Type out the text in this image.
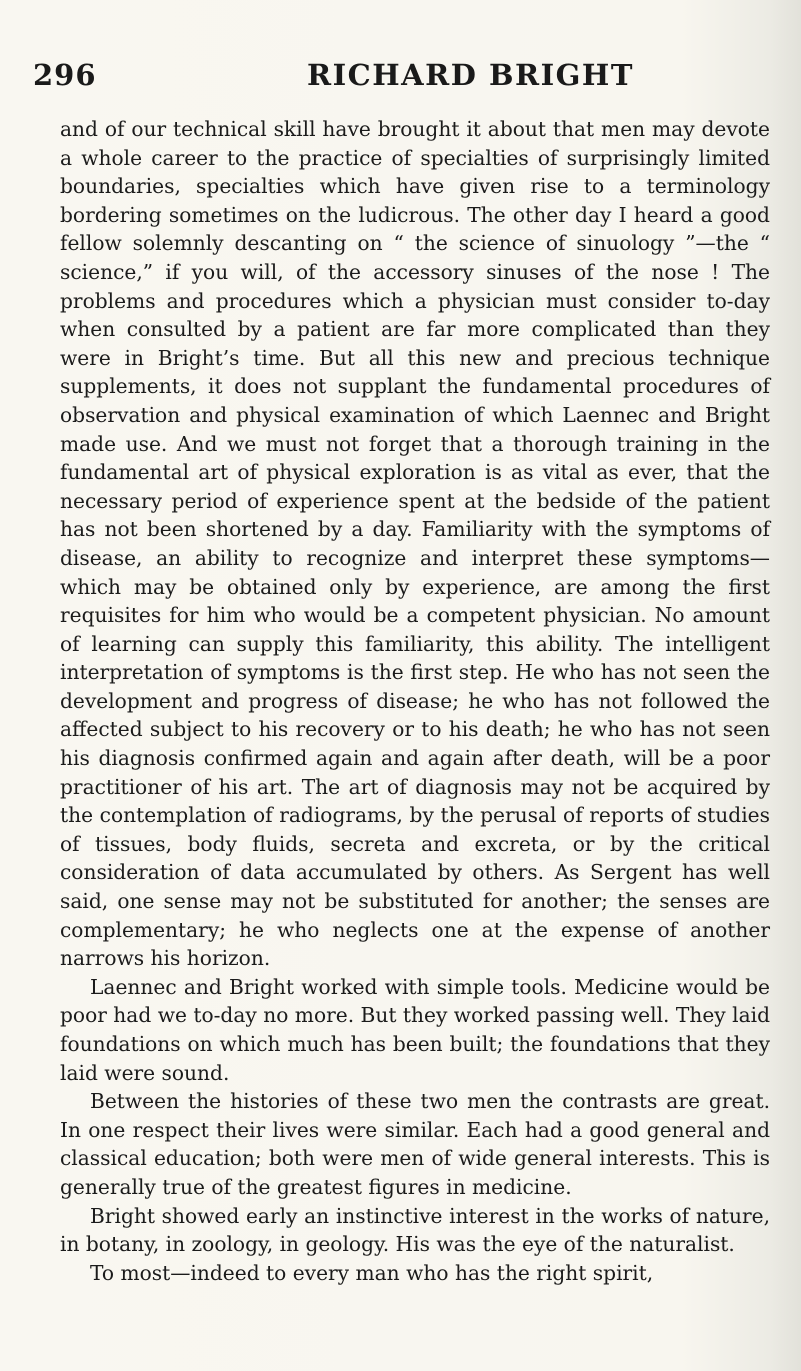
296	RICHARD BRIGHT

and of our technical skill have brought it about that men may devote a whole career to the practice of specialties of surprisingly limited boundaries, specialties which have given rise to a terminology bordering sometimes on the ludicrous. The other day I heard a good fellow solemnly descanting on “ the science of sinuology ”—the “ science,” if you will, of the accessory sinuses of the nose ! The problems and procedures which a physician must consider to-day when consulted by a patient are far more complicated than they were in Bright’s time. But all this new and precious technique supplements, it does not supplant the fundamental procedures of observation and physical examination of which Laennec and Bright made use. And we must not forget that a thorough training in the fundamental art of physical exploration is as vital as ever, that the necessary period of experience spent at the bedside of the patient has not been shortened by a day. Familiarity with the symptoms of disease, an ability to recognize and interpret these symptoms—which may be obtained only by experience, are among the first requisites for him who would be a competent physician. No amount of learning can supply this familiarity, this ability. The intelligent interpretation of symptoms is the first step. He who has not seen the development and progress of disease; he who has not followed the affected subject to his recovery or to his death; he who has not seen his diagnosis confirmed again and again after death, will be a poor practitioner of his art. The art of diagnosis may not be acquired by the contemplation of radiograms, by the perusal of reports of studies of tissues, body fluids, secreta and excreta, or by the critical consideration of data accumulated by others. As Sergent has well said, one sense may not be substituted for another; the senses are complementary; he who neglects one at the expense of another narrows his horizon.

Laennec and Bright worked with simple tools. Medicine would be poor had we to-day no more. But they worked passing well. They laid foundations on which much has been built; the foundations that they laid were sound.

Between the histories of these two men the contrasts are great. In one respect their lives were similar. Each had a good general and classical education; both were men of wide general interests. This is generally true of the greatest figures in medicine.

Bright showed early an instinctive interest in the works of nature, in botany, in zoology, in geology. His was the eye of the naturalist.

To most—indeed to every man who has the right spirit,
